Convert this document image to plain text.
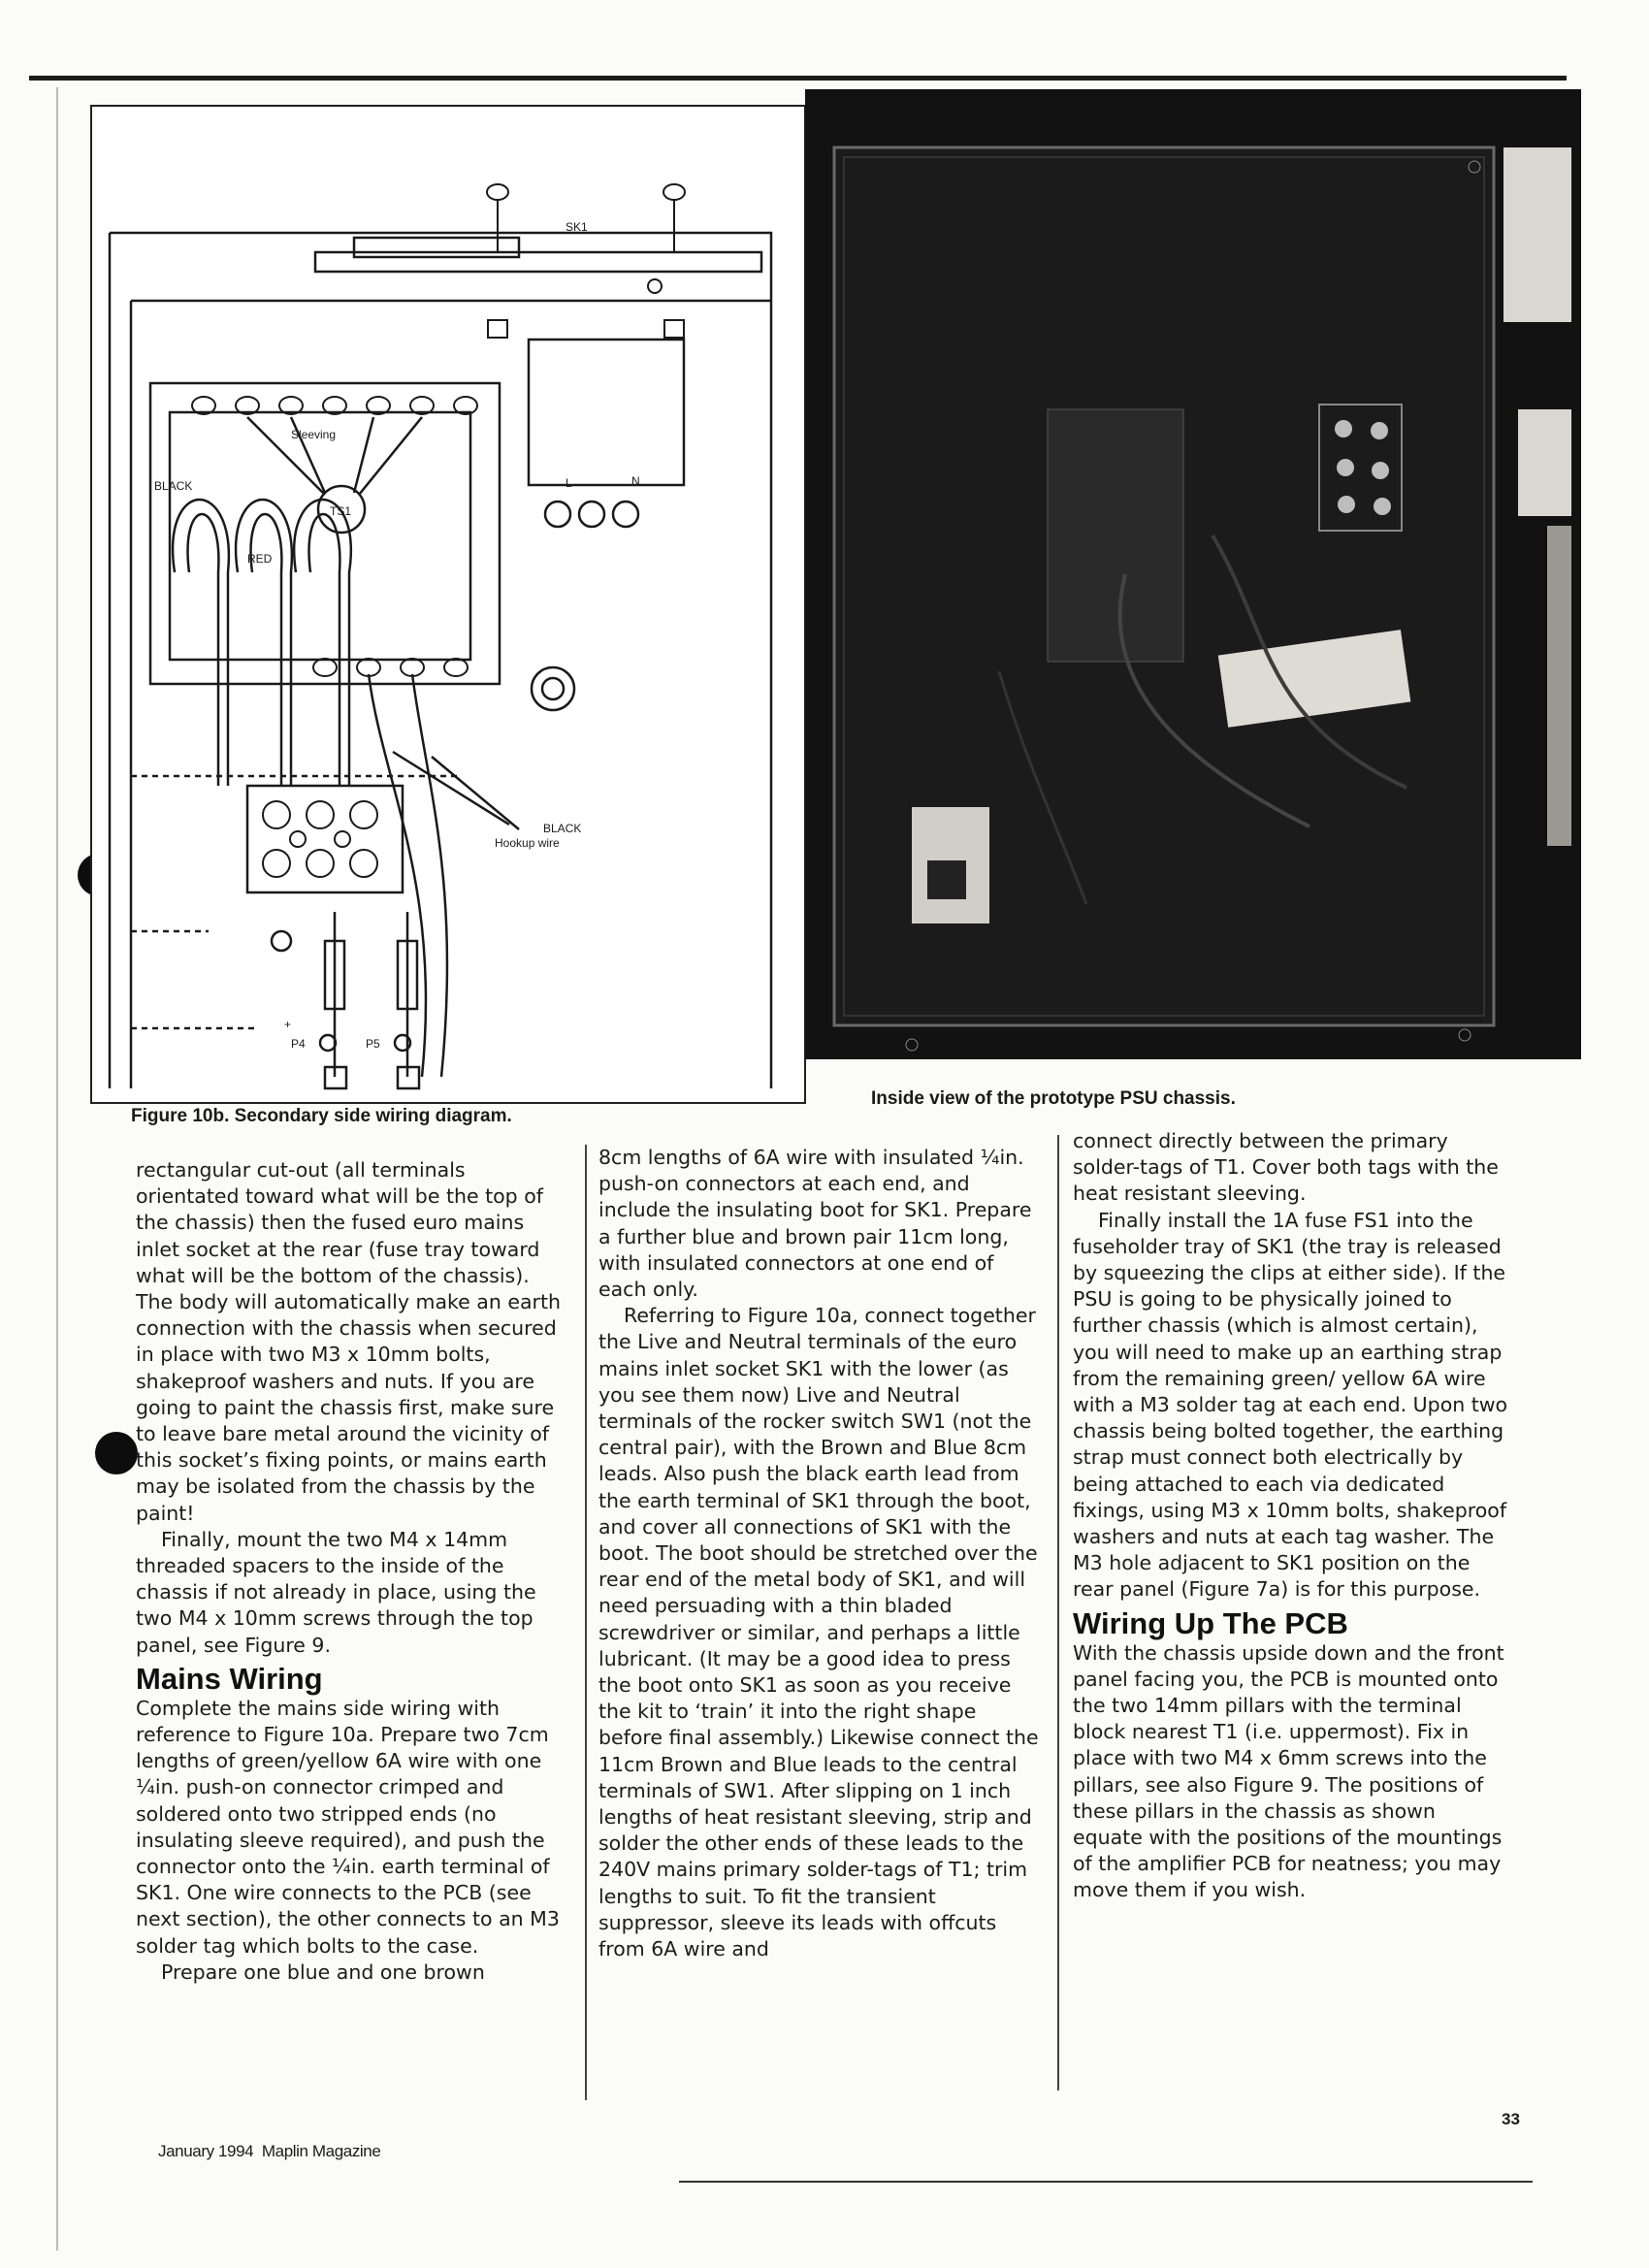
SK1
Sleeving
BLACK
TS1
RED
L	N
BLACK
Hookup wire
P4	P5
+
Figure 10b. Secondary side wiring diagram.
Inside view of the prototype PSU chassis.

rectangular cut-out (all terminals orientated toward what will be the top of the chassis) then the fused euro mains inlet socket at the rear (fuse tray toward what will be the bottom of the chassis). The body will automatically make an earth connection with the chassis when secured in place with two M3 x 10mm bolts, shakeproof washers and nuts. If you are going to paint the chassis first, make sure to leave bare metal around the vicinity of this socket’s fixing points, or mains earth may be isolated from the chassis by the paint!

Finally, mount the two M4 x 14mm threaded spacers to the inside of the chassis if not already in place, using the two M4 x 10mm screws through the top panel, see Figure 9.

Mains Wiring

Complete the mains side wiring with reference to Figure 10a. Prepare two 7cm lengths of green/yellow 6A wire with one ¼in. push-on connector crimped and soldered onto two stripped ends (no insulating sleeve required), and push the connector onto the ¼in. earth terminal of SK1. One wire connects to the PCB (see next section), the other connects to an M3 solder tag which bolts to the case.

Prepare one blue and one brown

8cm lengths of 6A wire with insulated ¼in. push-on connectors at each end, and include the insulating boot for SK1. Prepare a further blue and brown pair 11cm long, with insulated connectors at one end of each only.

Referring to Figure 10a, connect together the Live and Neutral terminals of the euro mains inlet socket SK1 with the lower (as you see them now) Live and Neutral terminals of the rocker switch SW1 (not the central pair), with the Brown and Blue 8cm leads. Also push the black earth lead from the earth terminal of SK1 through the boot, and cover all connections of SK1 with the boot. The boot should be stretched over the rear end of the metal body of SK1, and will need persuading with a thin bladed screwdriver or similar, and perhaps a little lubricant. (It may be a good idea to press the boot onto SK1 as soon as you receive the kit to ‘train’ it into the right shape before final assembly.) Likewise connect the 11cm Brown and Blue leads to the central terminals of SW1. After slipping on 1 inch lengths of heat resistant sleeving, strip and solder the other ends of these leads to the 240V mains primary solder-tags of T1; trim lengths to suit. To fit the transient suppressor, sleeve its leads with offcuts from 6A wire and

connect directly between the primary solder-tags of T1. Cover both tags with the heat resistant sleeving.

Finally install the 1A fuse FS1 into the fuseholder tray of SK1 (the tray is released by squeezing the clips at either side). If the PSU is going to be physically joined to further chassis (which is almost certain), you will need to make up an earthing strap from the remaining green/ yellow 6A wire with a M3 solder tag at each end. Upon two chassis being bolted together, the earthing strap must connect both electrically by being attached to each via dedicated fixings, using M3 x 10mm bolts, shakeproof washers and nuts at each tag washer. The M3 hole adjacent to SK1 position on the rear panel (Figure 7a) is for this purpose.

Wiring Up The PCB

With the chassis upside down and the front panel facing you, the PCB is mounted onto the two 14mm pillars with the terminal block nearest T1 (i.e. uppermost). Fix in place with two M4 x 6mm screws into the pillars, see also Figure 9. The positions of these pillars in the chassis as shown equate with the positions of the mountings of the amplifier PCB for neatness; you may move them if you wish.

January 1994 Maplin Magazine
33
